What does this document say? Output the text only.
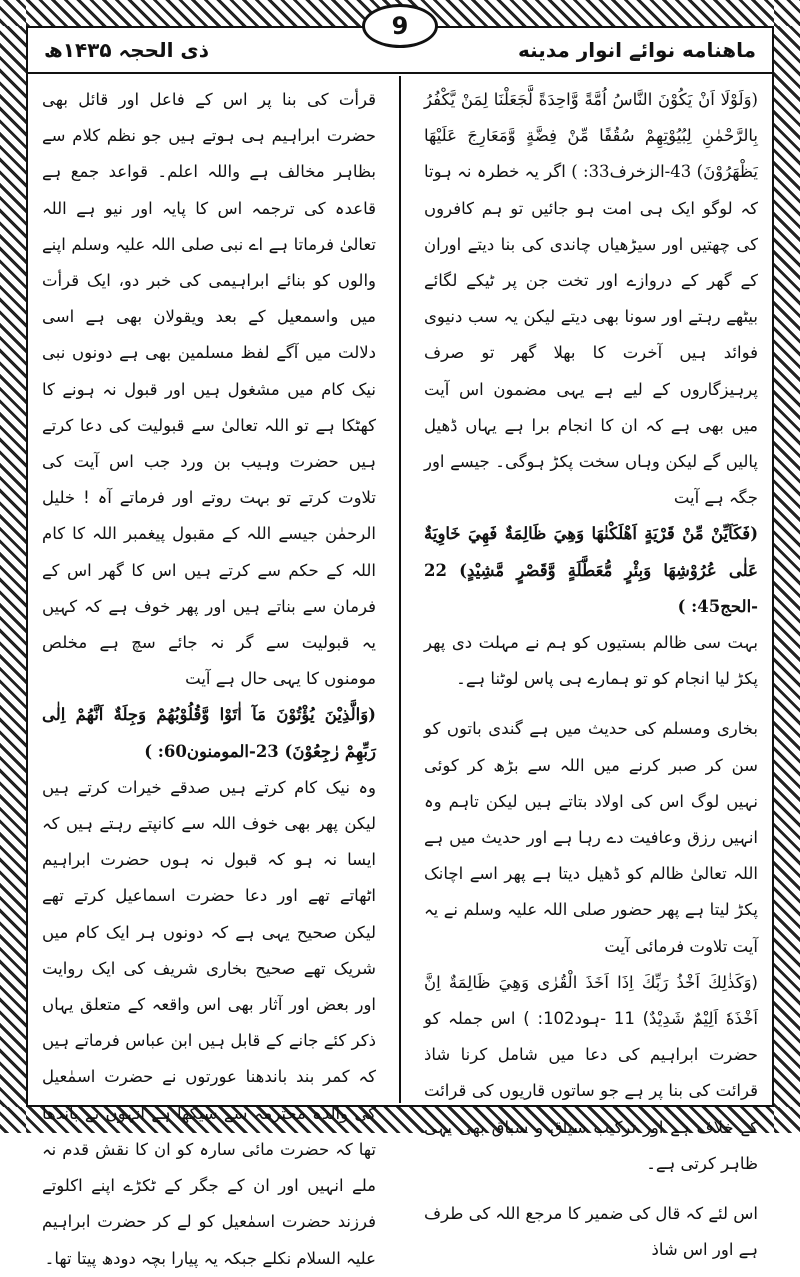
ماهنامه نوائے انوار مدینه
ذی الحجہ ۱۴۳۵ھ
9

(وَلَوْلَا اَنْ يَكُوْنَ النَّاسُ اُمَّةً وَّاحِدَةً لَّجَعَلْنَا لِمَنْ يَّكْفُرُ بِالرَّحْمٰنِ لِبُيُوْتِهِمْ سُقُفًا مِّنْ فِضَّةٍ وَّمَعَارِجَ عَلَيْهَا يَظْهَرُوْنَ) 43-الزخرف33: ) اگر یہ خطرہ نہ ہوتا کہ لوگو ایک ہی امت ہو جائیں تو ہم کافروں کی چھتیں اور سیڑھیاں چاندی کی بنا دیتے اوران کے گھر کے دروازے اور تخت جن پر ٹیکے لگائے بیٹھے رہتے اور سونا بھی دیتے لیکن یہ سب دنیوی فوائد ہیں آخرت کا بھلا گھر تو صرف پرہیزگاروں کے لیے ہے یہی مضمون اس آیت میں بھی ہے کہ ان کا انجام برا ہے یہاں ڈھیل پالیں گے لیکن وہاں سخت پکڑ ہوگی۔ جیسے اور جگہ ہے آیت

(فَكَاَيِّنْ مِّنْ قَرْيَةٍ اَهْلَكْنٰهَا وَهِيَ ظَالِمَةٌ فَهِيَ خَاوِيَةٌ عَلٰى عُرُوْشِهَا وَبِئْرٍ مُّعَطَّلَةٍ وَّقَصْرٍ مَّشِيْدٍ) 22 -الحج45: )

بہت سی ظالم بستیوں کو ہم نے مہلت دی پھر پکڑ لیا انجام کو تو ہمارے ہی پاس لوٹنا ہے۔

بخاری ومسلم کی حدیث میں ہے گندی باتوں کو سن کر صبر کرنے میں اللہ سے بڑھ کر کوئی نہیں لوگ اس کی اولاد بتاتے ہیں لیکن تاہم وہ انہیں رزق وعافیت دے رہا ہے اور حدیث میں ہے اللہ تعالیٰ ظالم کو ڈھیل دیتا ہے پھر اسے اچانک پکڑ لیتا ہے پھر حضور صلی اللہ علیہ وسلم نے یہ آیت تلاوت فرمائی آیت

(وَكَذٰلِكَ اَخْذُ رَبِّكَ اِذَا اَخَذَ الْقُرٰى وَهِيَ ظَالِمَةٌ اِنَّ اَخْذَهٗ اَلِيْمٌ شَدِيْدٌ) 11 -ہود102: ) اس جملہ کو حضرت ابراہیم کی دعا میں شامل کرنا شاذ قرائت کی بنا پر ہے جو ساتوں قاریوں کی قرائت کے خلاف ہے اور ترکیب سیاق و سباق بھی یہی ظاہر کرتی ہے۔

اس لئے کہ قال کی ضمیر کا مرجع اللہ کی طرف ہے اور اس شاذ

قرأت کی بنا پر اس کے فاعل اور قائل بھی حضرت ابراہیم ہی ہوتے ہیں جو نظم کلام سے بظاہر مخالف ہے واللہ اعلم۔ قواعد جمع ہے قاعدہ کی ترجمہ اس کا پایہ اور نیو ہے اللہ تعالیٰ فرماتا ہے اے نبی صلی اللہ علیہ وسلم اپنے والوں کو بنائے ابراہیمی کی خبر دو، ایک قرأت میں واسمعیل کے بعد ویقولان بھی ہے اسی دلالت میں آگے لفظ مسلمین بھی ہے دونوں نبی نیک کام میں مشغول ہیں اور قبول نہ ہونے کا کھٹکا ہے تو اللہ تعالیٰ سے قبولیت کی دعا کرتے ہیں حضرت وہیب بن ورد جب اس آیت کی تلاوت کرتے تو بہت روتے اور فرماتے آہ ! خلیل الرحمٰن جیسے اللہ کے مقبول پیغمبر اللہ کا کام اللہ کے حکم سے کرتے ہیں اس کا گھر اس کے فرمان سے بناتے ہیں اور پھر خوف ہے کہ کہیں یہ قبولیت سے گر نہ جائے سچ ہے مخلص مومنوں کا یہی حال ہے آیت

(وَالَّذِيْنَ يُؤْتُوْنَ مَآ اٰتَوْا وَّقُلُوْبُهُمْ وَجِلَةٌ اَنَّهُمْ اِلٰى رَبِّهِمْ رٰجِعُوْنَ) 23-المومنون60: )

وہ نیک کام کرتے ہیں صدقے خیرات کرتے ہیں لیکن پھر بھی خوف اللہ سے کانپتے رہتے ہیں کہ ایسا نہ ہو کہ قبول نہ ہوں حضرت ابراہیم اٹھاتے تھے اور دعا حضرت اسماعیل کرتے تھے لیکن صحیح یہی ہے کہ دونوں ہر ایک کام میں شریک تھے صحیح بخاری شریف کی ایک روایت اور بعض اور آثار بھی اس واقعہ کے متعلق یہاں ذکر کئے جانے کے قابل ہیں ابن عباس فرماتے ہیں کہ کمر بند باندھنا عورتوں نے حضرت اسمٰعیل کی والدہ محترمہ سے سیکھا ہے انہوں نے باندھا تھا کہ حضرت مائی سارہ کو ان کا نقش قدم نہ ملے انہیں اور ان کے جگر کے ٹکڑے اپنے اکلوتے فرزند حضرت اسمٰعیل کو لے کر حضرت ابراہیم علیہ السلام نکلے جبکہ یہ پیارا بچہ دودھ پیتا تھا۔
